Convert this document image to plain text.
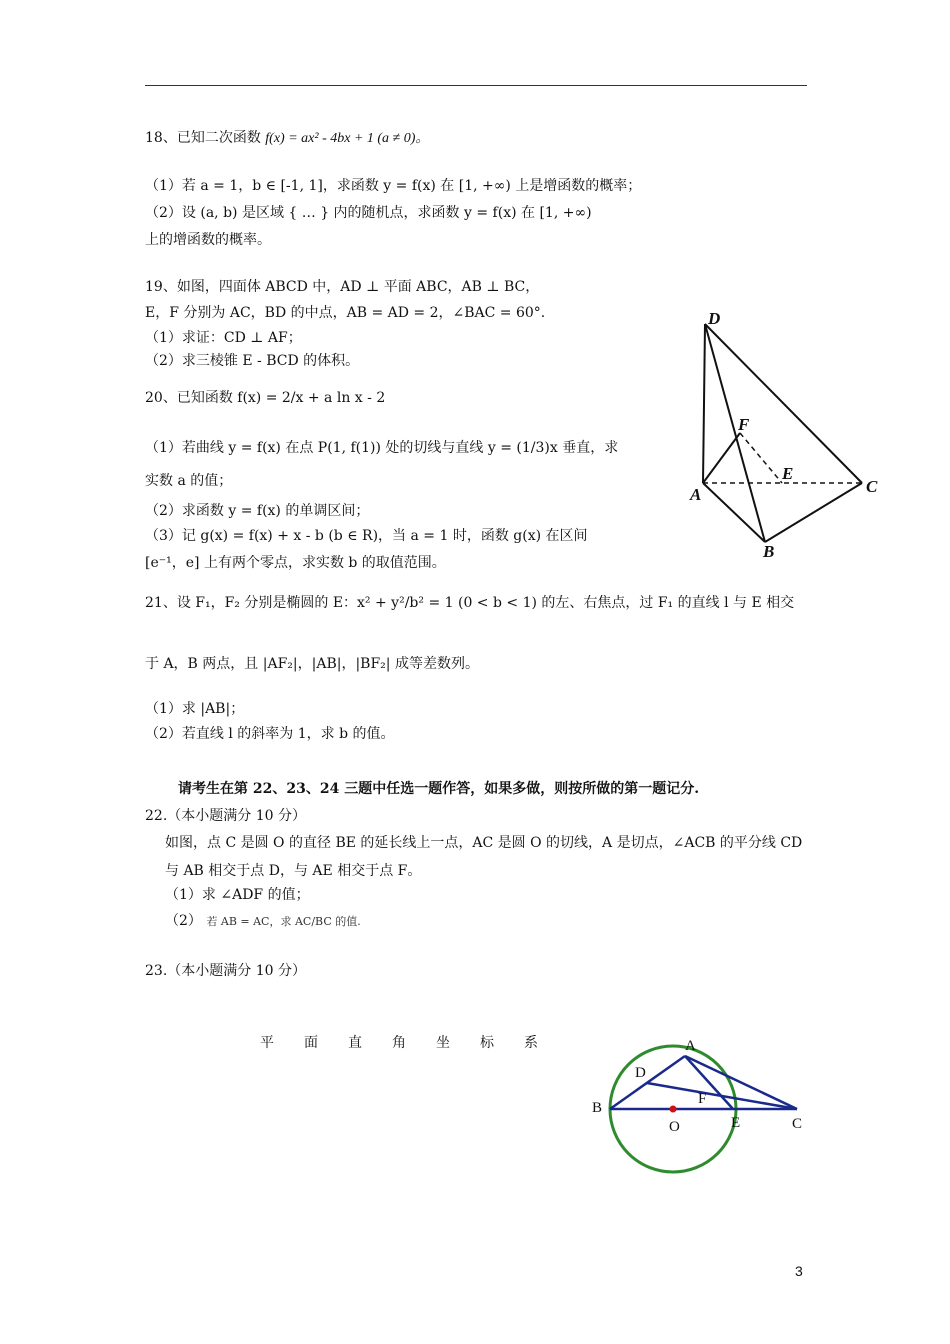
18、已知二次函数 f(x) = ax² - 4bx + 1 (a ≠ 0)。
（1）若 a = 1，b ∈ [-1, 1]，求函数 y = f(x) 在 [1, +∞) 上是增函数的概率；
（2）设 (a, b) 是区域 { … } 内的随机点，求函数 y = f(x) 在 [1, +∞)
上的增函数的概率。
19、如图，四面体 ABCD 中，AD ⊥ 平面 ABC，AB ⊥ BC，
E，F 分别为 AC，BD 的中点，AB = AD = 2，∠BAC = 60°.
（1）求证：CD ⊥ AF；
（2）求三棱锥 E - BCD 的体积。
20、已知函数 f(x) = 2/x + a ln x - 2
（1）若曲线 y = f(x) 在点 P(1, f(1)) 处的切线与直线 y = (1/3)x 垂直，求
实数 a 的值；
（2）求函数 y = f(x) 的单调区间；
（3）记 g(x) = f(x) + x - b (b ∈ R)，当 a = 1 时，函数 g(x) 在区间
[e⁻¹，e] 上有两个零点，求实数 b 的取值范围。
D
F
E
A	C
B
21、设 F₁，F₂ 分别是椭圆的 E：x² + y²/b² = 1 (0 < b < 1) 的左、右焦点，过 F₁ 的直线 l 与 E 相交
于 A，B 两点，且 |AF₂|，|AB|，|BF₂| 成等差数列。
（1）求 |AB|；
（2）若直线 l 的斜率为 1，求 b 的值。
请考生在第 22、23、24 三题中任选一题作答，如果多做，则按所做的第一题记分.
22.（本小题满分 10 分）
如图，点 C 是圆 O 的直径 BE 的延长线上一点，AC 是圆 O 的切线，A 是切点，∠ACB 的平分线 CD
与 AB 相交于点 D，与 AE 相交于点 F。
（1）求 ∠ADF 的值；
（2） 若 AB = AC，求 AC/BC 的值.
23.（本小题满分 10 分）
平面直角坐标系	A
D
B
F
O	E	C
3
